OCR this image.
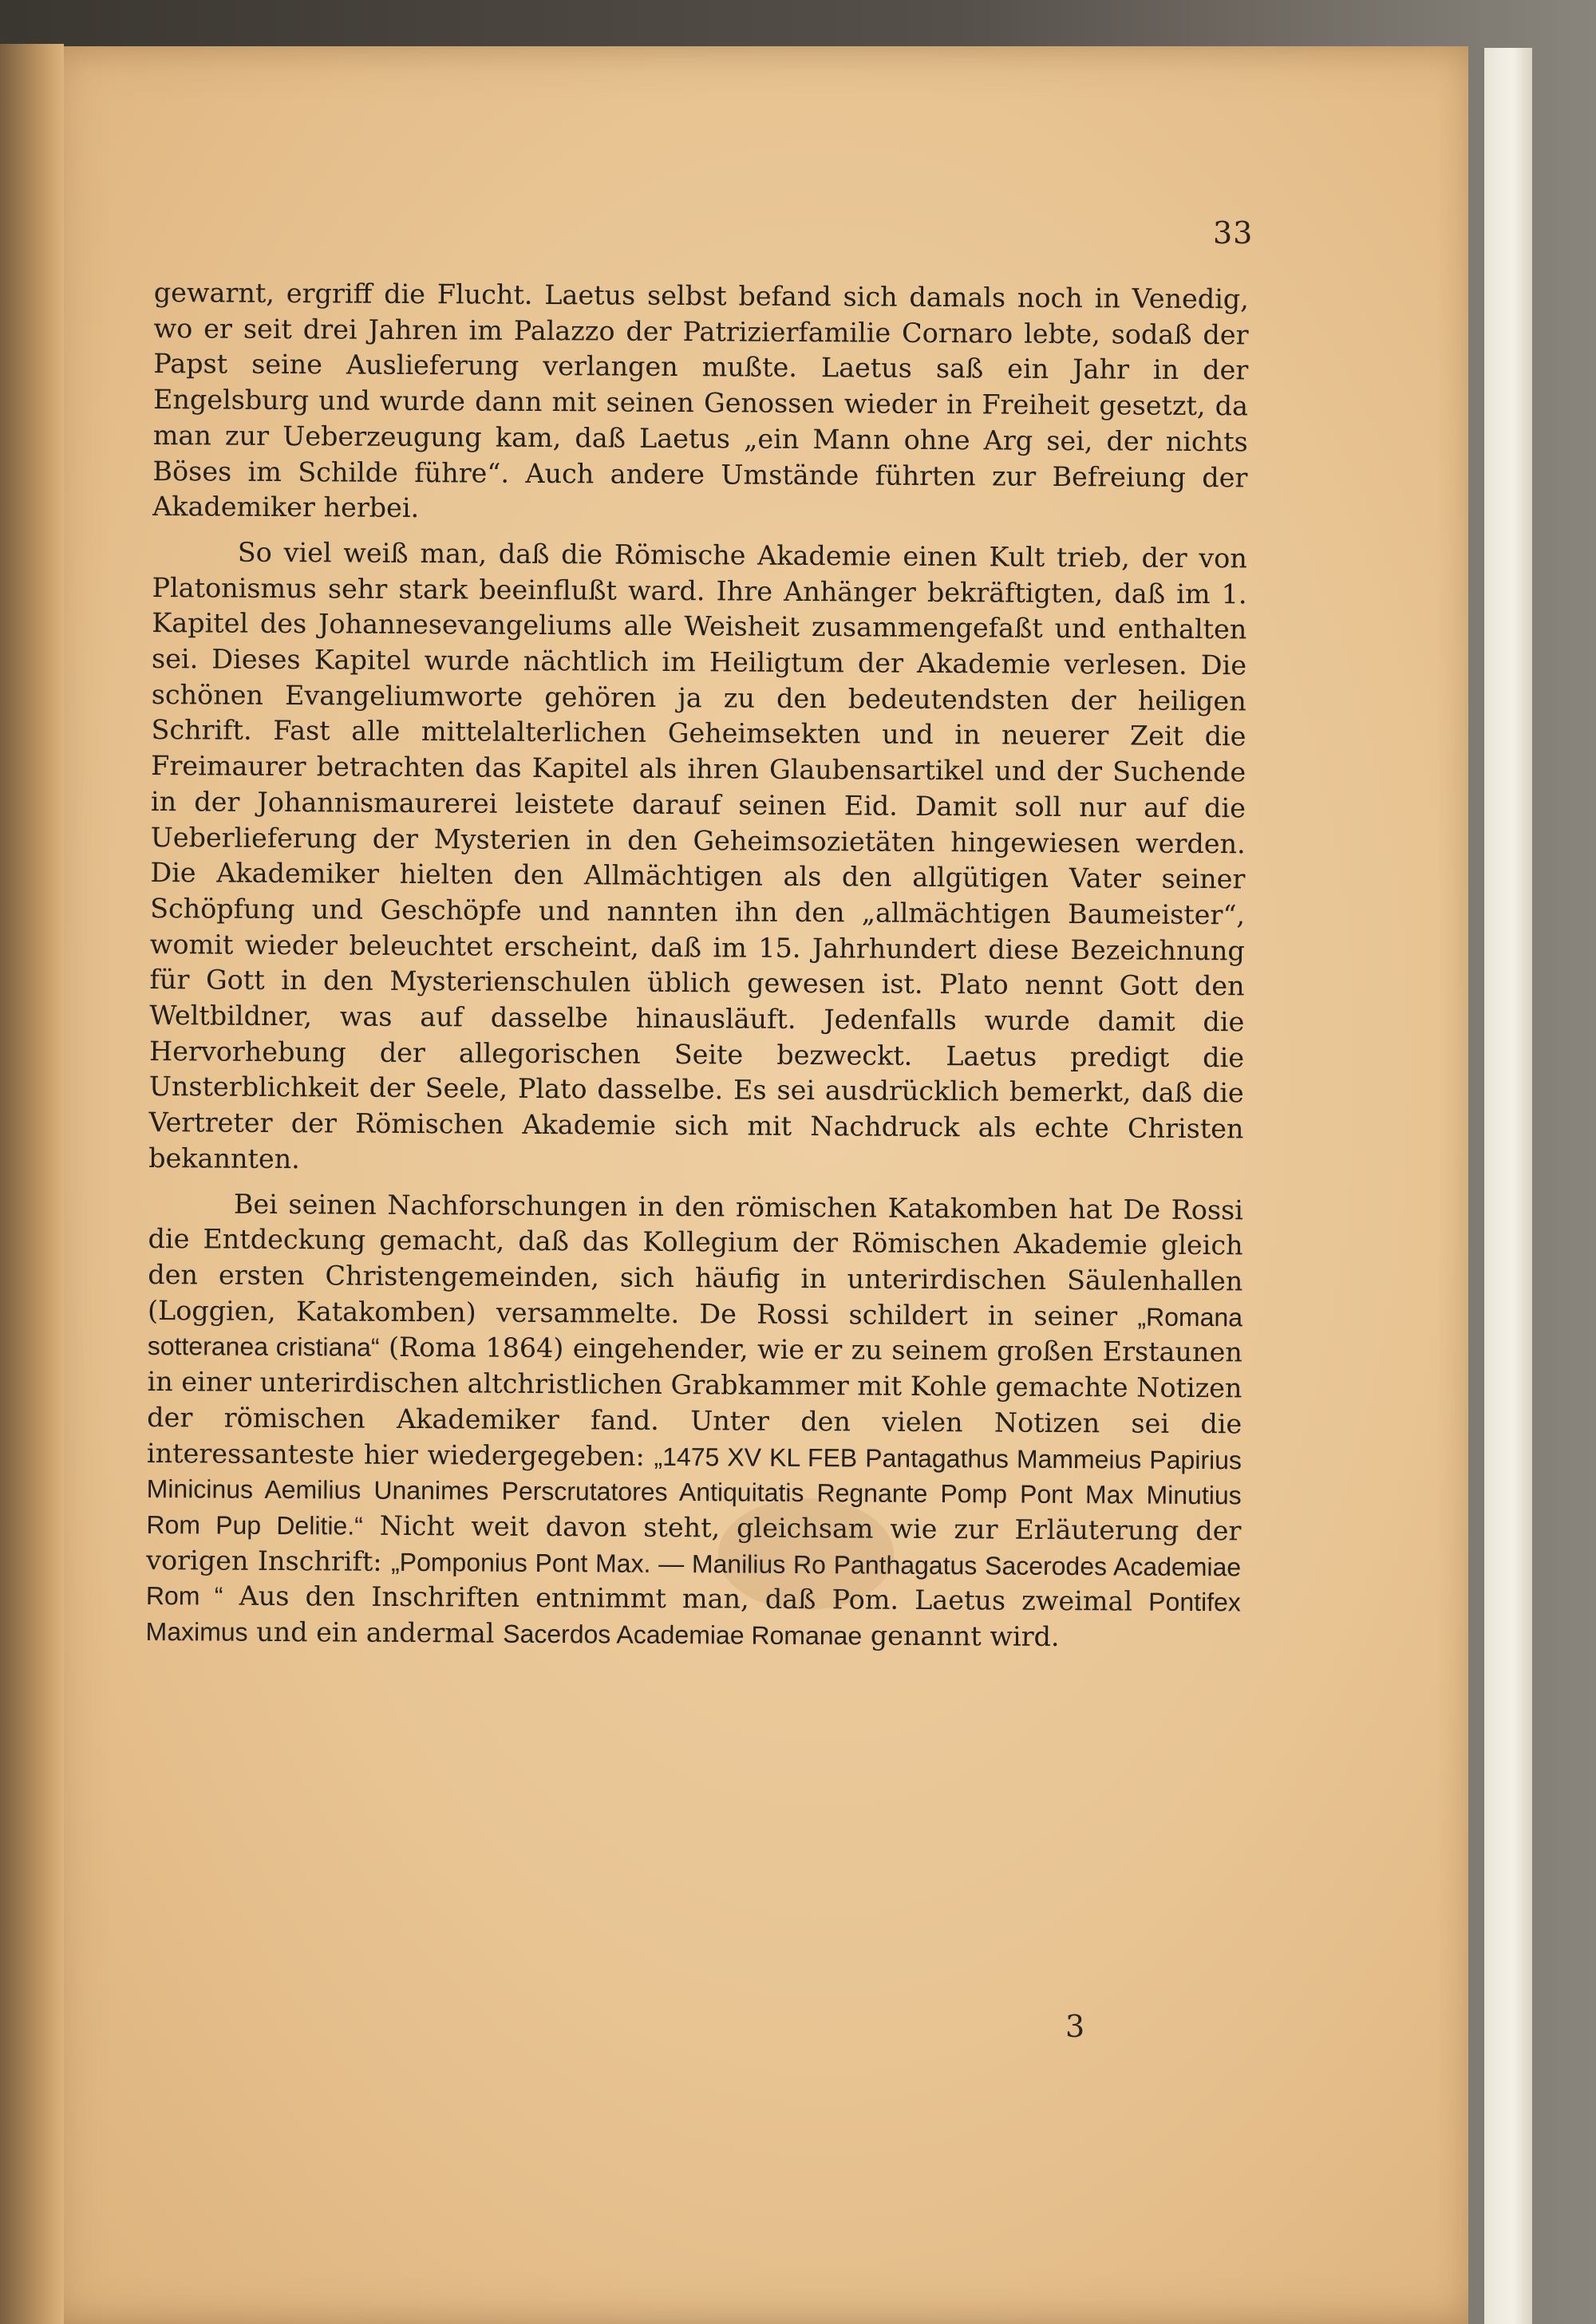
33

gewarnt, ergriff die Flucht. Laetus selbst befand sich damals noch in Venedig, wo er seit drei Jahren im Palazzo der Patrizierfamilie Cornaro lebte, sodaß der Papst seine Auslieferung verlangen mußte. Laetus saß ein Jahr in der Engelsburg und wurde dann mit seinen Genossen wieder in Freiheit gesetzt, da man zur Ueberzeugung kam, daß Laetus „ein Mann ohne Arg sei, der nichts Böses im Schilde führe“. Auch andere Umstände führten zur Befreiung der Akademiker herbei.

So viel weiß man, daß die Römische Akademie einen Kult trieb, der von Platonismus sehr stark beeinflußt ward. Ihre Anhänger bekräftigten, daß im 1. Kapitel des Johannesevangeliums alle Weisheit zusammengefaßt und enthalten sei. Dieses Kapitel wurde nächtlich im Heiligtum der Akademie verlesen. Die schönen Evangeliumworte gehören ja zu den bedeutendsten der heiligen Schrift. Fast alle mittelalterlichen Geheimsekten und in neuerer Zeit die Freimaurer betrachten das Kapitel als ihren Glaubensartikel und der Suchende in der Johannismaurerei leistete darauf seinen Eid. Damit soll nur auf die Ueberlieferung der Mysterien in den Geheimsozietäten hingewiesen werden. Die Akademiker hielten den Allmächtigen als den allgütigen Vater seiner Schöpfung und Geschöpfe und nannten ihn den „allmächtigen Baumeister“, womit wieder beleuchtet erscheint, daß im 15. Jahrhundert diese Bezeichnung für Gott in den Mysterienschulen üblich gewesen ist. Plato nennt Gott den Weltbildner, was auf dasselbe hinausläuft. Jedenfalls wurde damit die Hervorhebung der allegorischen Seite bezweckt. Laetus predigt die Unsterblichkeit der Seele, Plato dasselbe. Es sei ausdrücklich bemerkt, daß die Vertreter der Römischen Akademie sich mit Nachdruck als echte Christen bekannten.

Bei seinen Nachforschungen in den römischen Katakomben hat De Rossi die Entdeckung gemacht, daß das Kollegium der Römischen Akademie gleich den ersten Christengemeinden, sich häufig in unterirdischen Säulenhallen (Loggien, Katakomben) versammelte. De Rossi schildert in seiner „Romana sotteranea cristiana“ (Roma 1864) eingehender, wie er zu seinem großen Erstaunen in einer unterirdischen altchristlichen Grabkammer mit Kohle gemachte Notizen der römischen Akademiker fand. Unter den vielen Notizen sei die interessanteste hier wiedergegeben: „1475 XV KL FEB Pantagathus Mammeius Papirius Minicinus Aemilius Unanimes Perscrutatores Antiquitatis Regnante Pomp Pont Max Minutius Rom Pup Delitie.“ Nicht weit davon steht, gleichsam wie zur Erläuterung der vorigen Inschrift: „Pomponius Pont Max. — Manilius Ro Panthagatus Sacerodes Academiae Rom “ Aus den Inschriften entnimmt man, daß Pom. Laetus zweimal Pontifex Maximus und ein andermal Sacerdos Academiae Romanae genannt wird.

3
